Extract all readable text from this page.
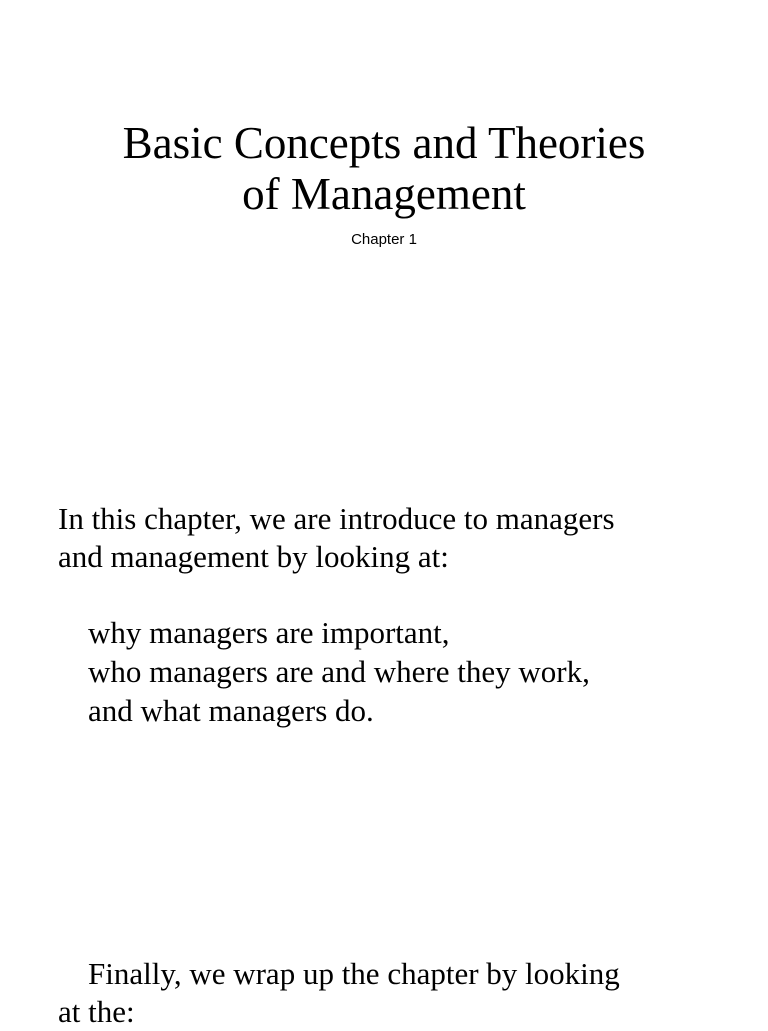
Basic Concepts and Theories
of Management
Chapter 1
In this chapter, we are introduce to managers
and management by looking at:
why managers are important,
who managers are and where they work,
and what managers do.
Finally, we wrap up the chapter by looking
at the:
